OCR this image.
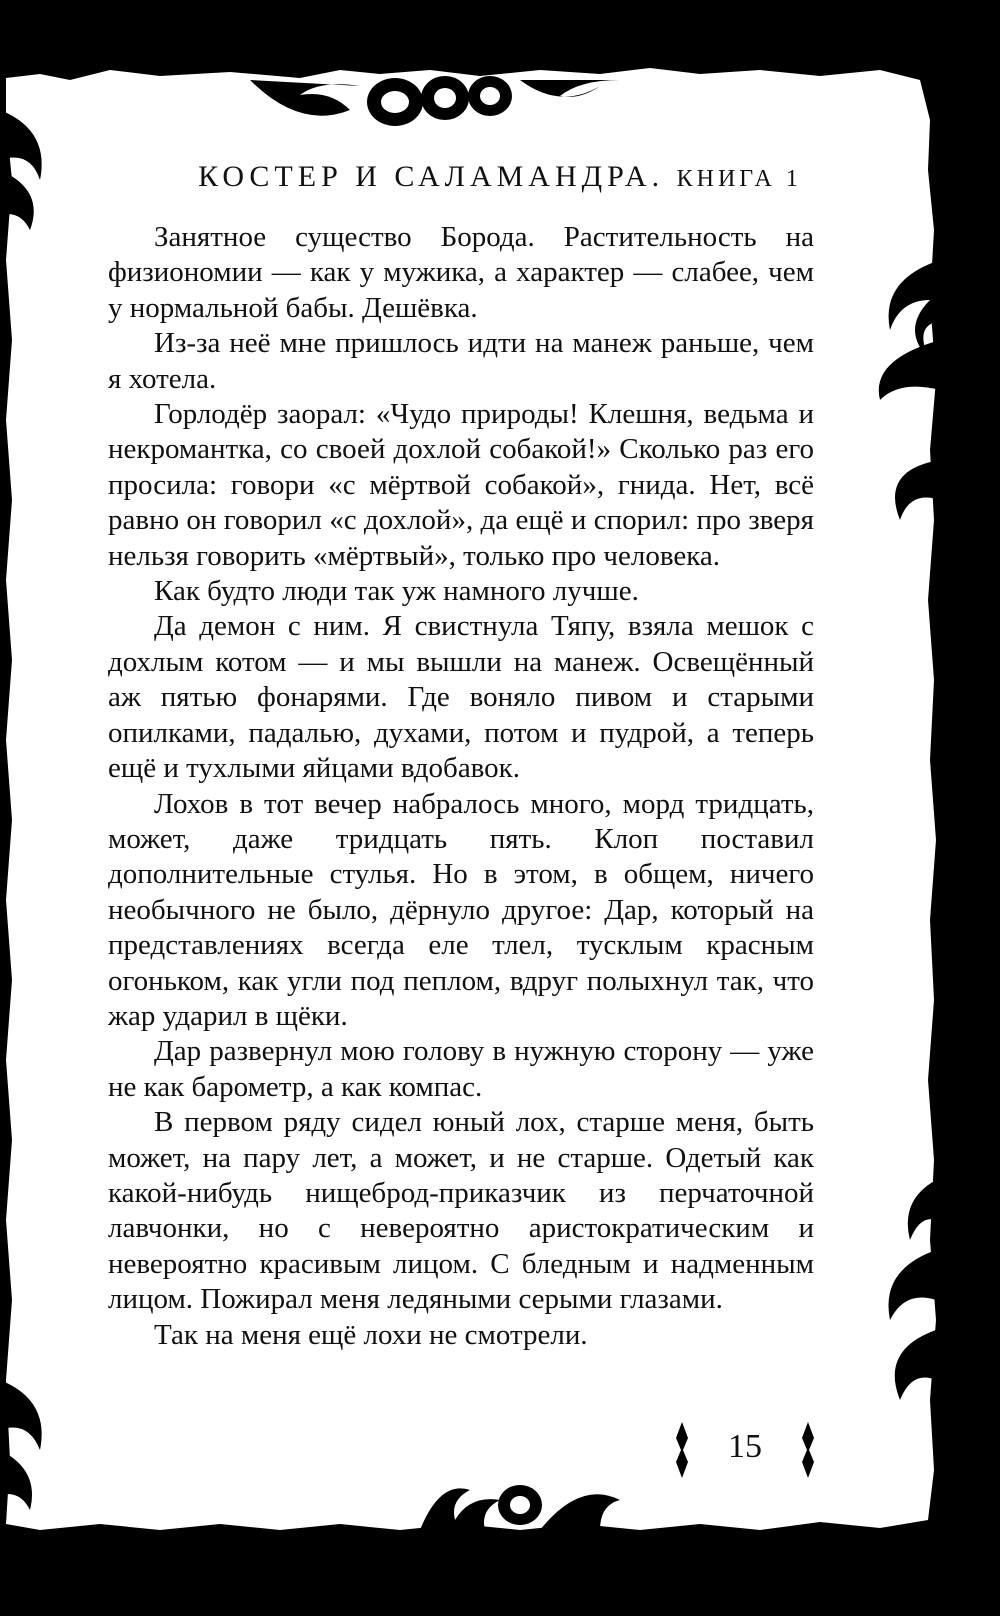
КОСТЕР И САЛАМАНДРА. КНИГА 1

Занятное существо Борода. Растительность на физиономии — как у мужика, а характер — слабее, чем у нормальной бабы. Дешёвка.

Из-за неё мне пришлось идти на манеж раньше, чем я хотела.

Горлодёр заорал: «Чудо природы! Клешня, ведьма и некромантка, со своей дохлой собакой!» Сколько раз его просила: говори «с мёртвой собакой», гнида. Нет, всё равно он говорил «с дохлой», да ещё и спорил: про зверя нельзя говорить «мёртвый», только про человека.

Как будто люди так уж намного лучше.

Да демон с ним. Я свистнула Тяпу, взяла мешок с дохлым котом — и мы вышли на манеж. Освещённый аж пятью фонарями. Где воняло пивом и старыми опилками, падалью, духами, потом и пудрой, а теперь ещё и тухлыми яйцами вдобавок.

Лохов в тот вечер набралось много, морд тридцать, может, даже тридцать пять. Клоп поставил дополнительные стулья. Но в этом, в общем, ничего необычного не было, дёрнуло другое: Дар, который на представлениях всегда еле тлел, тусклым красным огоньком, как угли под пеплом, вдруг полыхнул так, что жар ударил в щёки.

Дар развернул мою голову в нужную сторону — уже не как барометр, а как компас.

В первом ряду сидел юный лох, старше меня, быть может, на пару лет, а может, и не старше. Одетый как какой-нибудь нищеброд-приказчик из перчаточной лавчонки, но с невероятно аристократическим и невероятно красивым лицом. С бледным и надменным лицом. Пожирал меня ледяными серыми глазами.

Так на меня ещё лохи не смотрели.

15
